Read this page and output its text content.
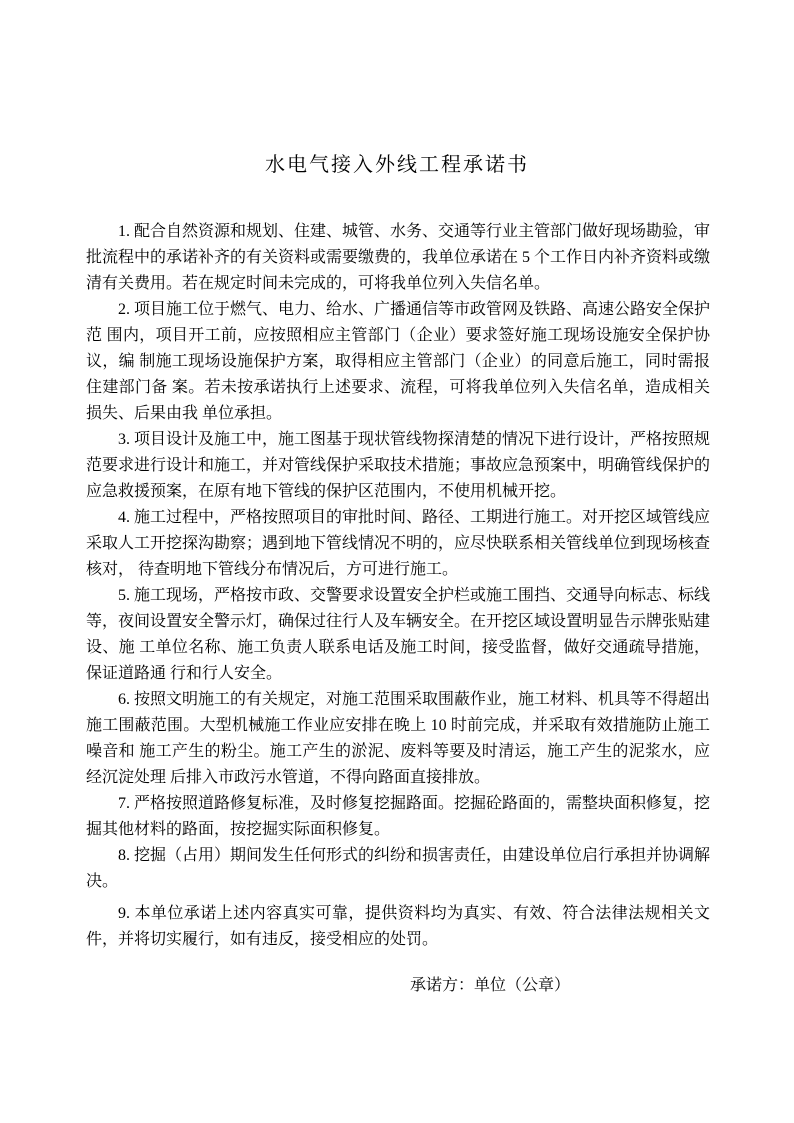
水电气接入外线工程承诺书

1. 配合自然资源和规划、住建、城管、水务、交通等行业主管部门做好现场勘验，审批流程中的承诺补齐的有关资料或需要缴费的，我单位承诺在 5 个工作日内补齐资料或缴清有关费用。若在规定时间未完成的，可将我单位列入失信名单。

2. 项目施工位于燃气、电力、给水、广播通信等市政管网及铁路、高速公路安全保护范 围内，项目开工前，应按照相应主管部门（企业）要求签好施工现场设施安全保护协议，编 制施工现场设施保护方案，取得相应主管部门（企业）的同意后施工，同时需报住建部门备 案。若未按承诺执行上述要求、流程，可将我单位列入失信名单，造成相关损失、后果由我 单位承担。

3. 项目设计及施工中，施工图基于现状管线物探清楚的情况下进行设计，严格按照规范要求进行设计和施工，并对管线保护采取技术措施；事故应急预案中，明确管线保护的应急救援预案，在原有地下管线的保护区范围内，不使用机械开挖。

4. 施工过程中，严格按照项目的审批时间、路径、工期进行施工。对开挖区域管线应采取人工开挖探沟勘察；遇到地下管线情况不明的，应尽快联系相关管线单位到现场核查核对， 待查明地下管线分布情况后，方可进行施工。

5. 施工现场，严格按市政、交警要求设置安全护栏或施工围挡、交通导向标志、标线等，夜间设置安全警示灯，确保过往行人及车辆安全。在开挖区域设置明显告示牌张贴建设、施 工单位名称、施工负责人联系电话及施工时间，接受监督，做好交通疏导措施，保证道路通 行和行人安全。

6. 按照文明施工的有关规定，对施工范围采取围蔽作业，施工材料、机具等不得超出施工围蔽范围。大型机械施工作业应安排在晚上 10 时前完成，并采取有效措施防止施工噪音和 施工产生的粉尘。施工产生的淤泥、废料等要及时清运，施工产生的泥浆水，应经沉淀处理 后排入市政污水管道，不得向路面直接排放。

7. 严格按照道路修复标准，及时修复挖掘路面。挖掘砼路面的，需整块面积修复，挖掘其他材料的路面，按挖掘实际面积修复。

8. 挖掘（占用）期间发生任何形式的纠纷和损害责任，由建设单位启行承担并协调解决。

9. 本单位承诺上述内容真实可靠，提供资料均为真实、有效、符合法律法规相关文件，并将切实履行，如有违反，接受相应的处罚。

承诺方：单位（公章）
